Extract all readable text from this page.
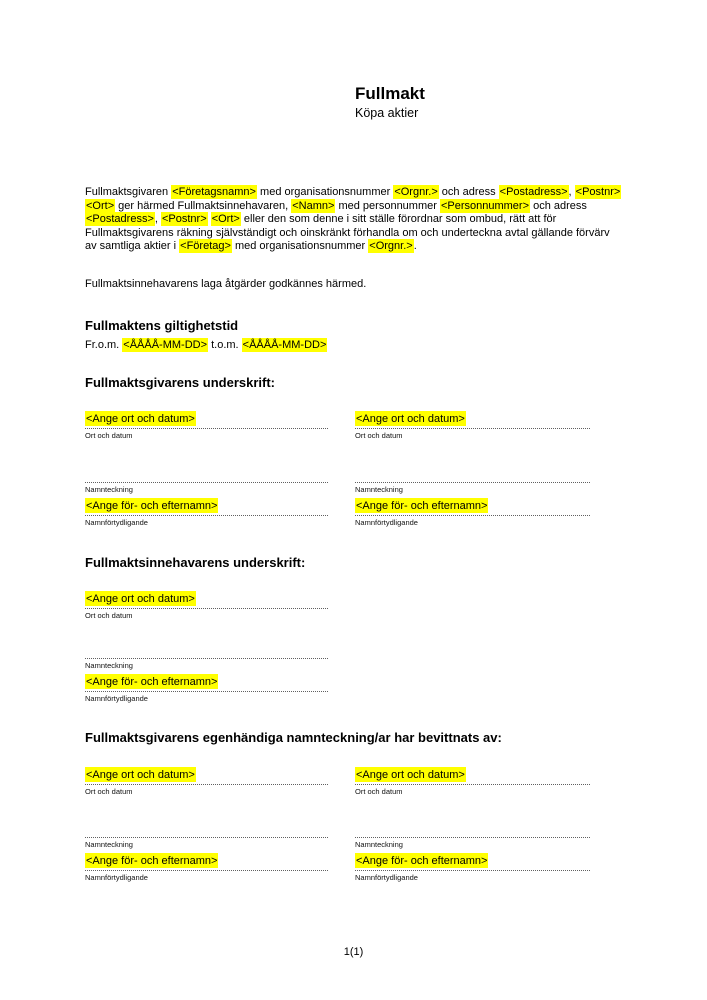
Fullmakt
Köpa aktier

Fullmaktsgivaren <Företagsnamn> med organisationsnummer <Orgnr.> och adress <Postadress>, <Postnr> <Ort> ger härmed Fullmaktsinnehavaren, <Namn> med personnummer <Personnummer> och adress <Postadress>, <Postnr> <Ort> eller den som denne i sitt ställe förordnar som ombud, rätt att för Fullmaktsgivarens räkning självständigt och oinskränkt förhandla om och underteckna avtal gällande förvärv av samtliga aktier i <Företag> med organisationsnummer <Orgnr.>.

Fullmaktsinnehavarens laga åtgärder godkännes härmed.

Fullmaktens giltighetstid

Fr.o.m. <ÅÅÅÅ-MM-DD> t.o.m. <ÅÅÅÅ-MM-DD>

Fullmaktsgivarens underskrift:
<Ange ort och datum>
Ort och datum
Namnteckning
<Ange för- och efternamn>
Namnförtydligande
<Ange ort och datum>
Ort och datum
Namnteckning
<Ange för- och efternamn>
Namnförtydligande
Fullmaktsinnehavarens underskrift:
<Ange ort och datum>
Ort och datum
Namnteckning
<Ange för- och efternamn>
Namnförtydligande
Fullmaktsgivarens egenhändiga namnteckning/ar har bevittnats av:
<Ange ort och datum>
Ort och datum
Namnteckning
<Ange för- och efternamn>
Namnförtydligande
<Ange ort och datum>
Ort och datum
Namnteckning
<Ange för- och efternamn>
Namnförtydligande
1(1)
